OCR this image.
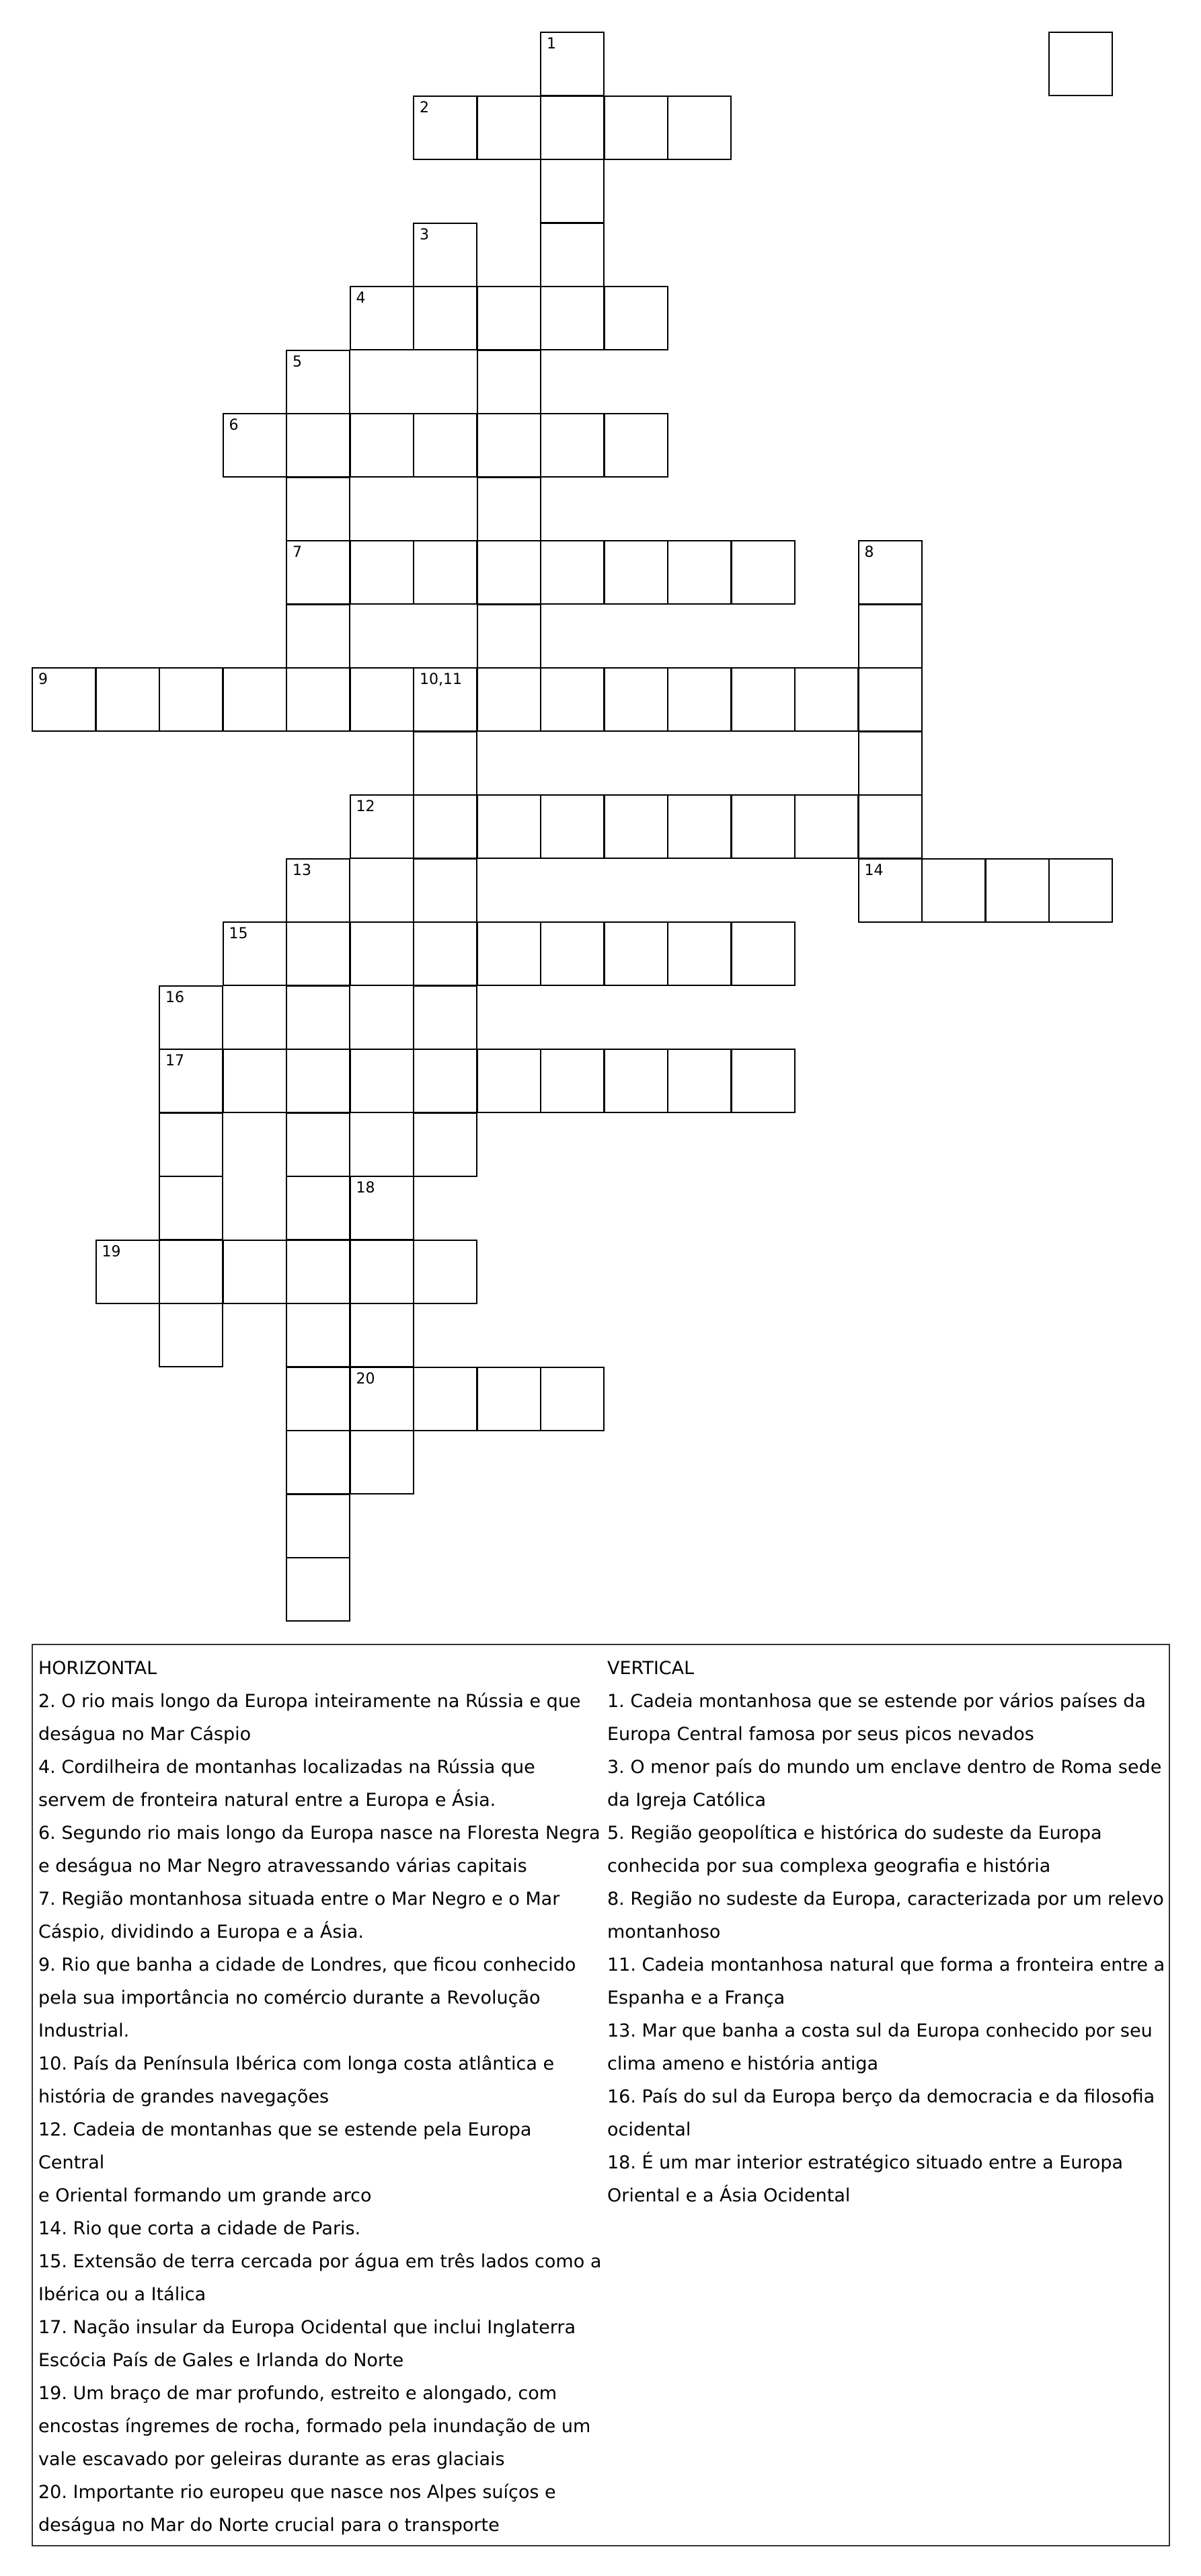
1
2
3
4
5
6
7	8
9	10,11
12
13	14
15
16
17
18
19
20
HORIZONTAL
2. O rio mais longo da Europa inteiramente na Rússia e que
deságua no Mar Cáspio
4. Cordilheira de montanhas localizadas na Rússia que
servem de fronteira natural entre a Europa e Ásia.
6. Segundo rio mais longo da Europa nasce na Floresta Negra
e deságua no Mar Negro atravessando várias capitais
7. Região montanhosa situada entre o Mar Negro e o Mar
Cáspio, dividindo a Europa e a Ásia.
9. Rio que banha a cidade de Londres, que ficou conhecido
pela sua importância no comércio durante a Revolução
Industrial.
10. País da Península Ibérica com longa costa atlântica e
história de grandes navegações
12. Cadeia de montanhas que se estende pela Europa Central
e Oriental formando um grande arco
14. Rio que corta a cidade de Paris.
15. Extensão de terra cercada por água em três lados como a
Ibérica ou a Itálica
17. Nação insular da Europa Ocidental que inclui Inglaterra
Escócia País de Gales e Irlanda do Norte
19. Um braço de mar profundo, estreito e alongado, com
encostas íngremes de rocha, formado pela inundação de um
vale escavado por geleiras durante as eras glaciais
20. Importante rio europeu que nasce nos Alpes suíços e
deságua no Mar do Norte crucial para o transporte
VERTICAL
1. Cadeia montanhosa que se estende por vários países da
Europa Central famosa por seus picos nevados
3. O menor país do mundo um enclave dentro de Roma sede
da Igreja Católica
5. Região geopolítica e histórica do sudeste da Europa
conhecida por sua complexa geografia e história
8. Região no sudeste da Europa, caracterizada por um relevo
montanhoso
11. Cadeia montanhosa natural que forma a fronteira entre a
Espanha e a França
13. Mar que banha a costa sul da Europa conhecido por seu
clima ameno e história antiga
16. País do sul da Europa berço da democracia e da filosofia
ocidental
18. É um mar interior estratégico situado entre a Europa
Oriental e a Ásia Ocidental
